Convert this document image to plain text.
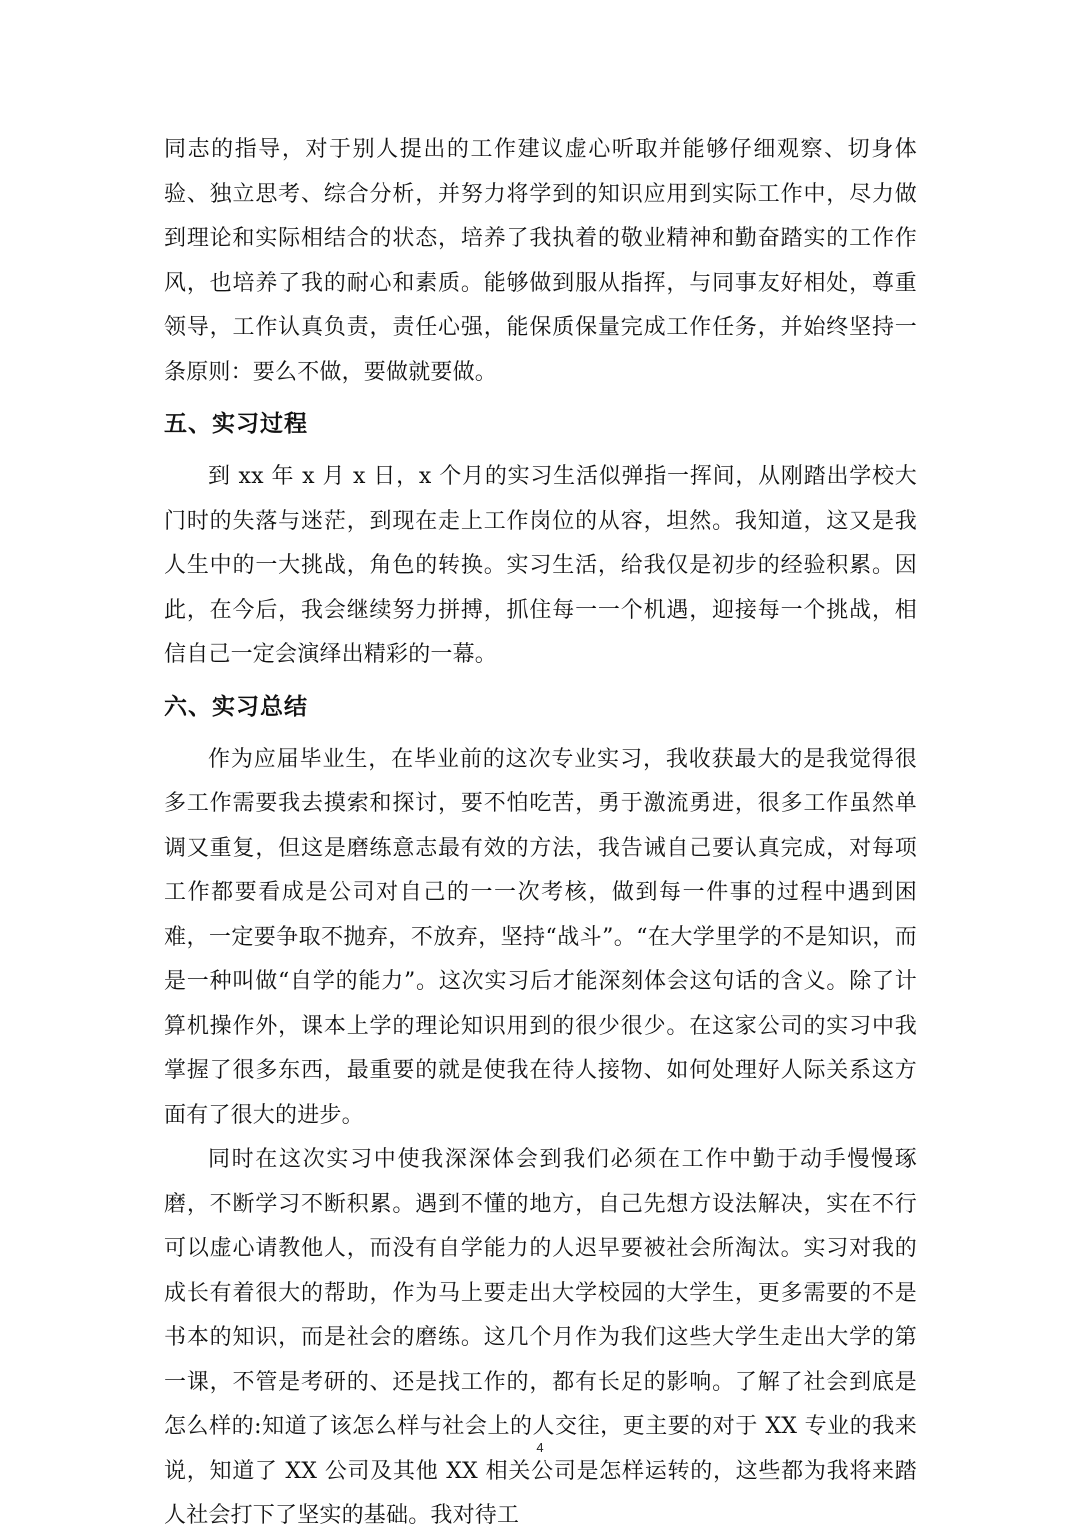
同志的指导，对于别人提出的工作建议虚心听取并能够仔细观察、切身体验、独立思考、综合分析，并努力将学到的知识应用到实际工作中，尽力做到理论和实际相结合的状态，培养了我执着的敬业精神和勤奋踏实的工作作风，也培养了我的耐心和素质。能够做到服从指挥，与同事友好相处，尊重领导，工作认真负责，责任心强，能保质保量完成工作任务，并始终坚持一条原则：要么不做，要做就要做。

五、实习过程

到 xx 年 x 月 x 日，x 个月的实习生活似弹指一挥间，从刚踏出学校大门时的失落与迷茫，到现在走上工作岗位的从容，坦然。我知道，这又是我人生中的一大挑战，角色的转换。实习生活，给我仅是初步的经验积累。因此，在今后，我会继续努力拼搏，抓住每一一个机遇，迎接每一个挑战，相信自己一定会演绎出精彩的一幕。

六、实习总结

作为应届毕业生，在毕业前的这次专业实习，我收获最大的是我觉得很多工作需要我去摸索和探讨，要不怕吃苦，勇于激流勇进，很多工作虽然单调又重复，但这是磨练意志最有效的方法，我告诫自己要认真完成，对每项工作都要看成是公司对自己的一一次考核，做到每一件事的过程中遇到困难，一定要争取不抛弃，不放弃，坚持“战斗”。“在大学里学的不是知识，而是一种叫做“自学的能力”。这次实习后才能深刻体会这句话的含义。除了计算机操作外，课本上学的理论知识用到的很少很少。在这家公司的实习中我掌握了很多东西，最重要的就是使我在待人接物、如何处理好人际关系这方面有了很大的进步。

同时在这次实习中使我深深体会到我们必须在工作中勤于动手慢慢琢磨，不断学习不断积累。遇到不懂的地方，自己先想方设法解决，实在不行可以虚心请教他人，而没有自学能力的人迟早要被社会所淘汰。实习对我的成长有着很大的帮助，作为马上要走出大学校园的大学生，更多需要的不是书本的知识，而是社会的磨练。这几个月作为我们这些大学生走出大学的第一课，不管是考研的、还是找工作的，都有长足的影响。了解了社会到底是怎么样的:知道了该怎么样与社会上的人交往，更主要的对于 XX 专业的我来说，知道了 XX 公司及其他 XX 相关公司是怎样运转的，这些都为我将来踏人社会打下了坚实的基础。我对待工

4
